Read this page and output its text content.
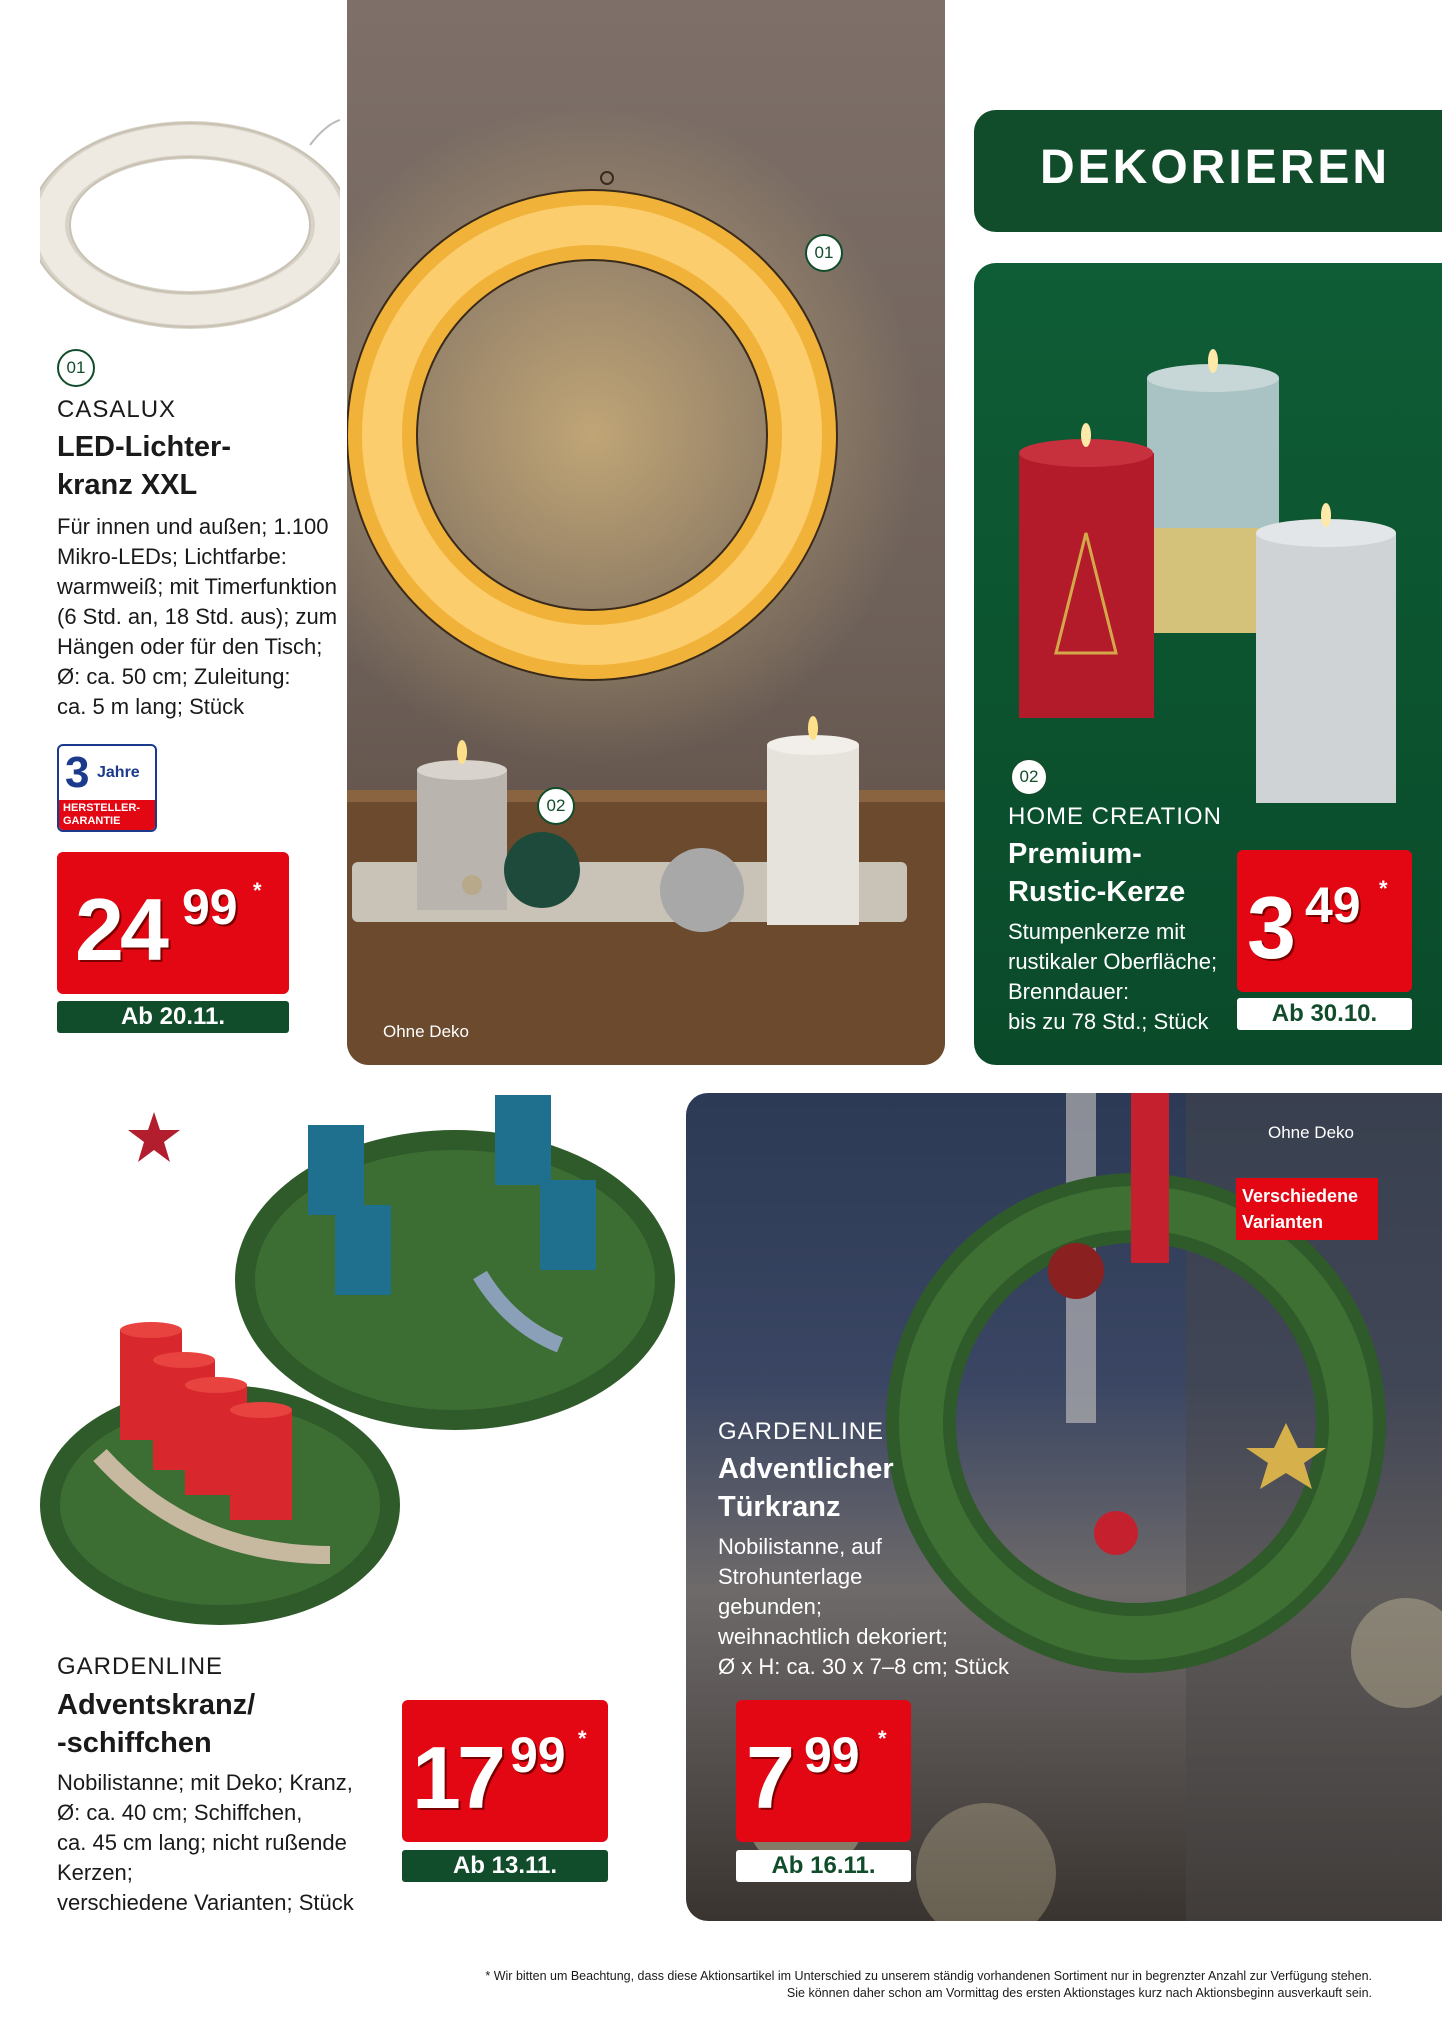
01
CASALUX
LED-Lichter-
kranz XXL
Für innen und außen; 1.100
Mikro-LEDs; Lichtfarbe:
warmweiß; mit Timerfunktion
(6 Std. an, 18 Std. aus); zum
Hängen oder für den Tisch;
Ø: ca. 50 cm; Zuleitung:
ca. 5 m lang; Stück
3 Jahre
HERSTELLER-
GARANTIE
24 99 *
Ab 20.11.
01
02
Ohne Deko
DEKORIEREN
02
HOME CREATION
Premium-
Rustic-Kerze
Stumpenkerze mit
rustikaler Oberfläche;
Brenndauer:
bis zu 78 Std.; Stück
3 49 *
Ab 30.10.
GARDENLINE
Adventskranz/
-schiffchen
Nobilistanne; mit Deko; Kranz,
Ø: ca. 40 cm; Schiffchen,
ca. 45 cm lang; nicht rußende Kerzen;
verschiedene Varianten; Stück
17 99 *
Ab 13.11.
Ohne Deko
Verschiedene
Varianten
GARDENLINE
Adventlicher
Türkranz
Nobilistanne, auf
Strohunterlage
gebunden;
weihnachtlich dekoriert;
Ø x H: ca. 30 x 7–8 cm; Stück
7 99 *
Ab 16.11.
* Wir bitten um Beachtung, dass diese Aktionsartikel im Unterschied zu unserem ständig vorhandenen Sortiment nur in begrenzter Anzahl zur Verfügung stehen.
Sie können daher schon am Vormittag des ersten Aktionstages kurz nach Aktionsbeginn ausverkauft sein.
